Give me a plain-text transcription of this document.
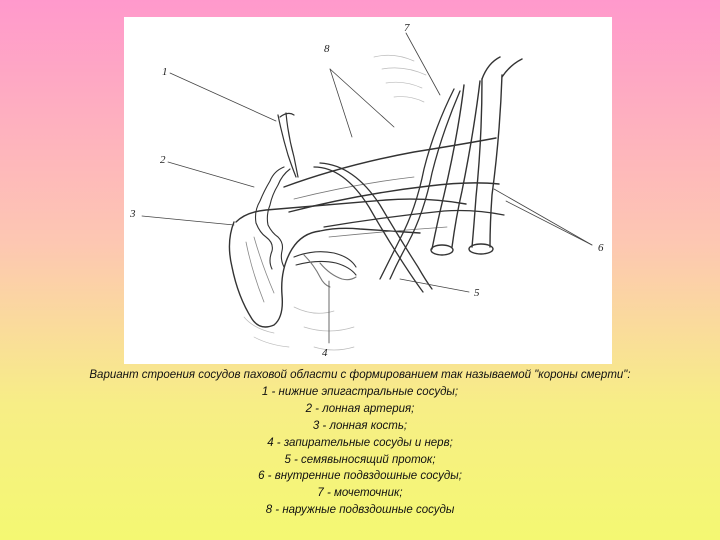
1
2
3
4
5
6
7
8
Вариант строения сосудов паховой области с формированием так называемой "короны смерти":
1 - нижние эпигастральные сосуды;
2 - лонная артерия;
3 - лонная кость;
4 - запирательные сосуды и нерв;
5 - семявыносящий проток;
6 - внутренние подвздошные сосуды;
7 - мочеточник;
8 - наружные подвздошные сосуды
